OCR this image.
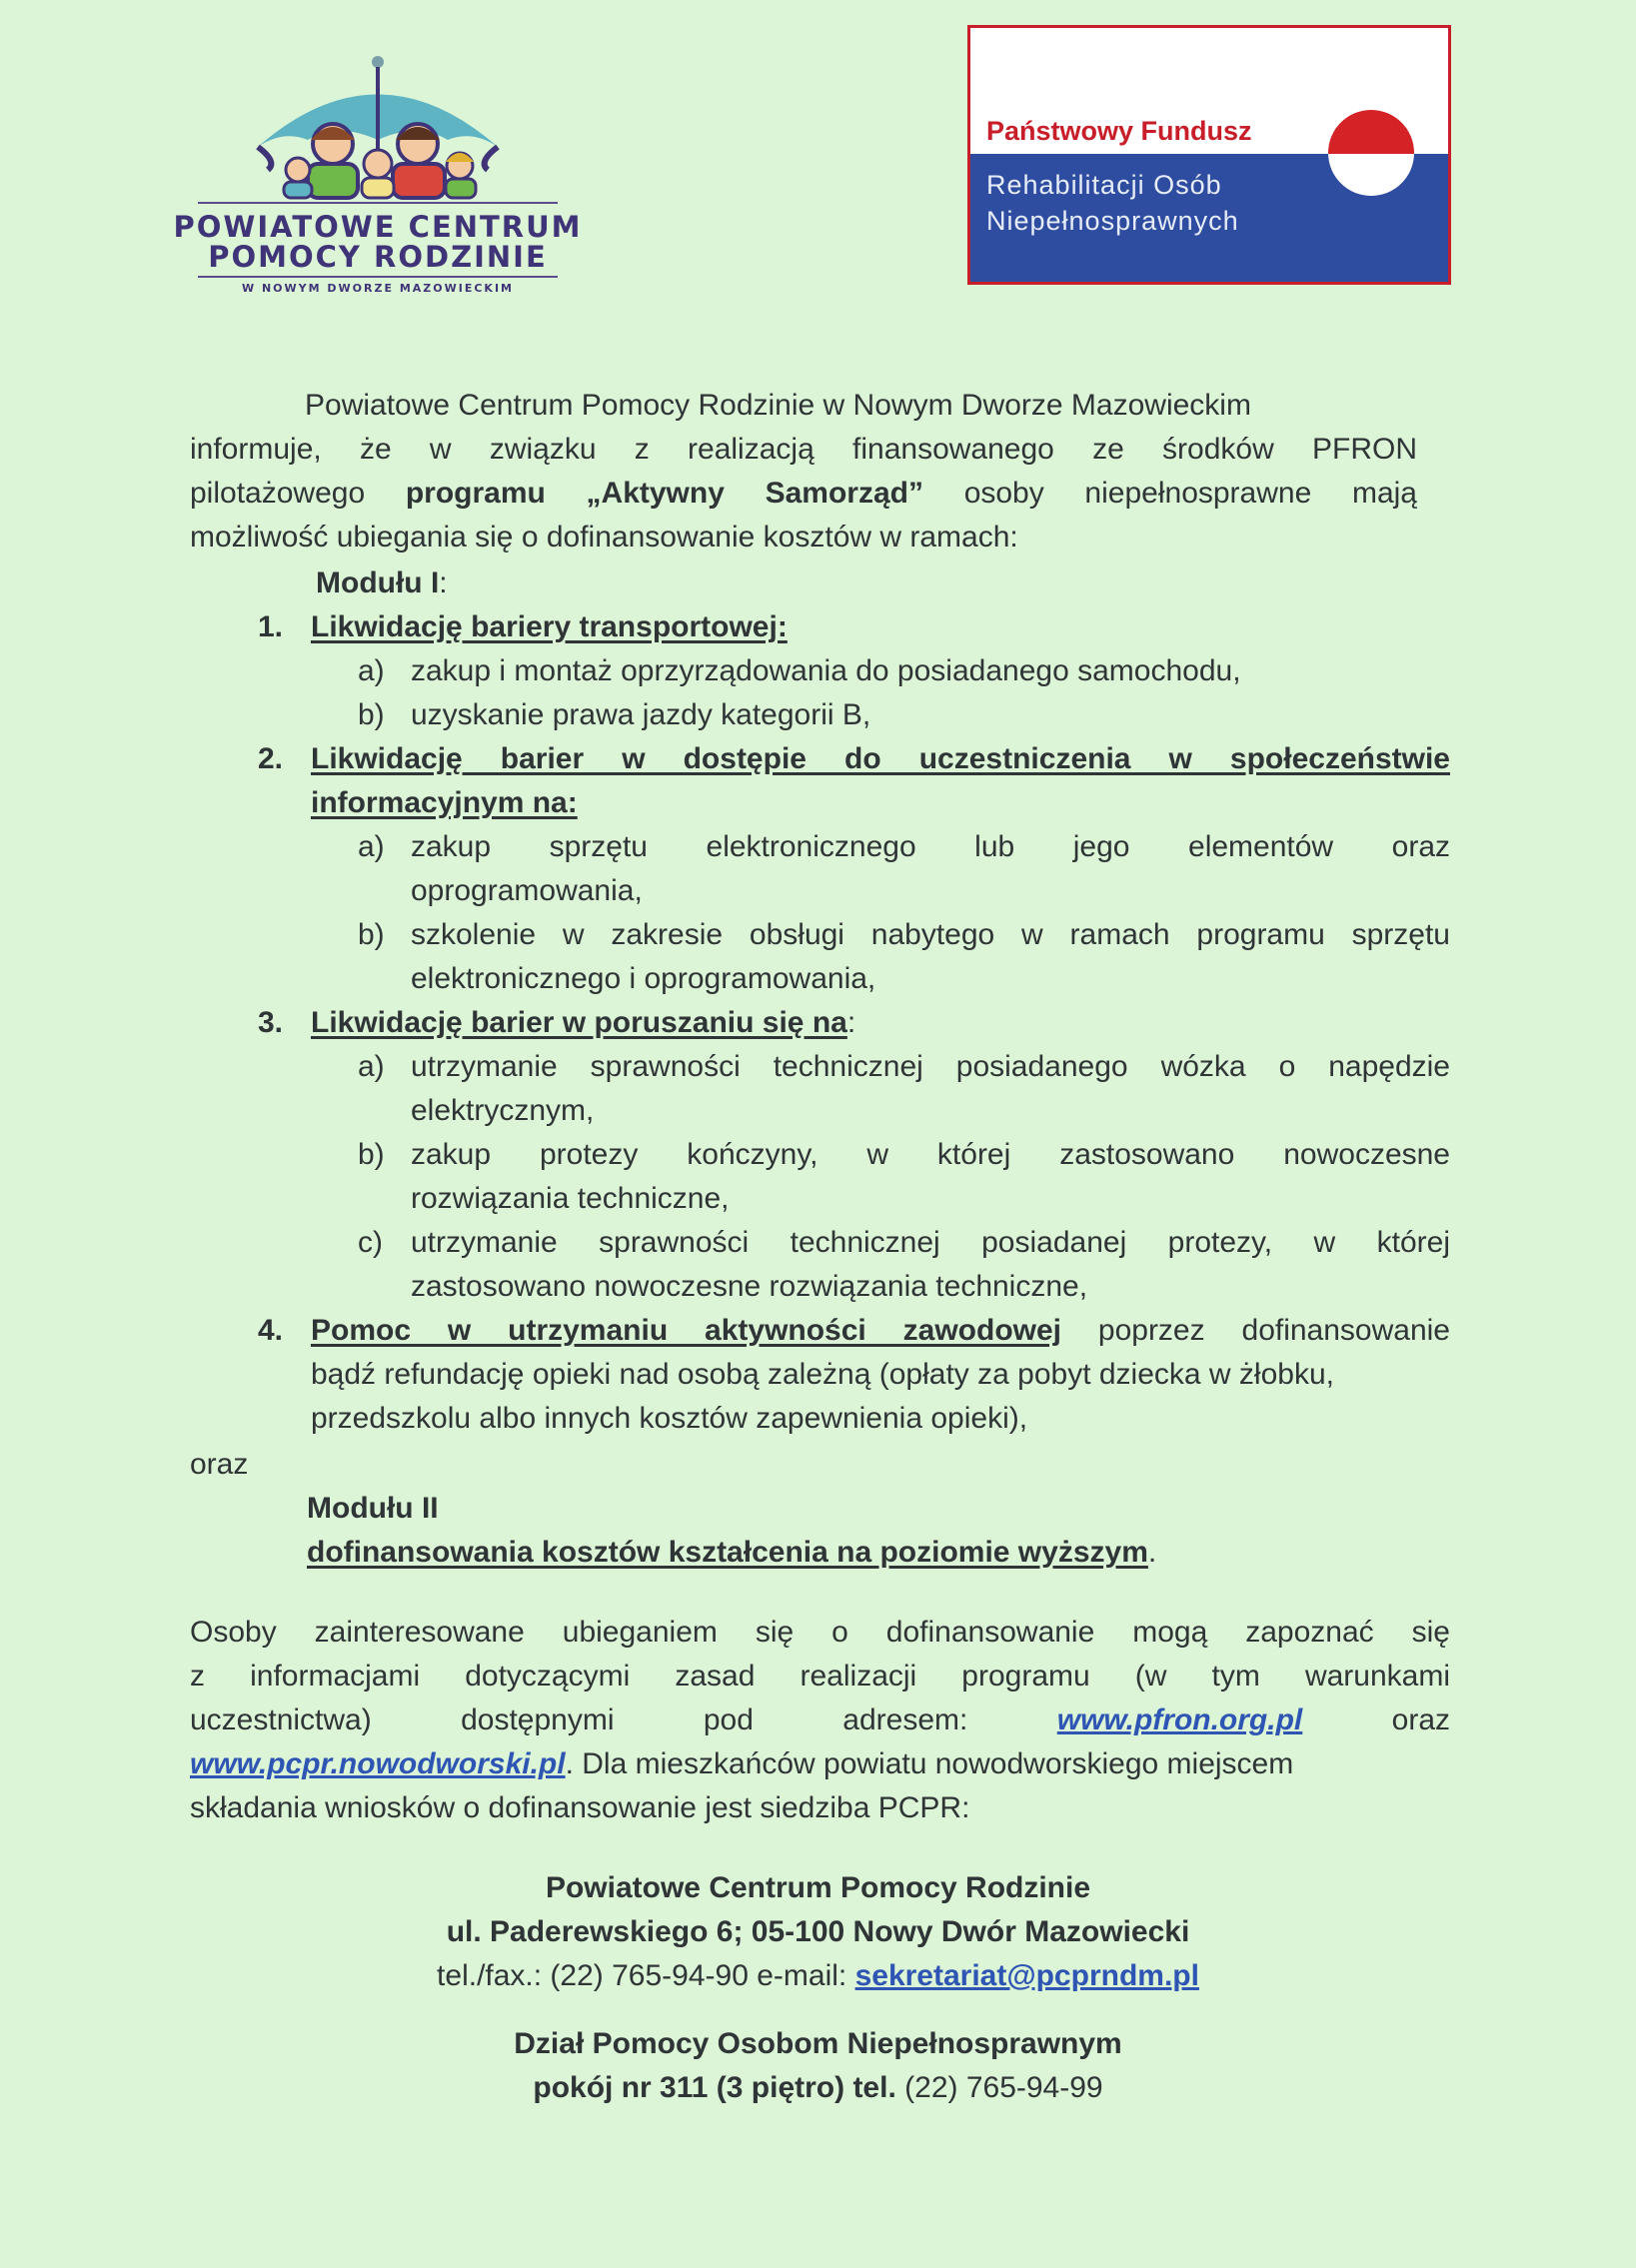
POWIATOWE CENTRUM
POMOCY RODZINIE
W NOWYM DWORZE MAZOWIECKIM
Państwowy Fundusz
Rehabilitacji Osób
Niepełnosprawnych
Powiatowe Centrum Pomocy Rodzinie w Nowym Dworze Mazowieckim
informuje, że w związku z realizacją finansowanego ze środków PFRON
pilotażowego programu „Aktywny Samorząd” osoby niepełnosprawne mają
możliwość ubiegania się o dofinansowanie kosztów w ramach:
Modułu I:
1. Likwidację bariery transportowej:
a) zakup i montaż oprzyrządowania do posiadanego samochodu,
b) uzyskanie prawa jazdy kategorii B,
2. Likwidację barier w dostępie do uczestniczenia w społeczeństwie
informacyjnym na:
a) zakup sprzętu elektronicznego lub jego elementów oraz
oprogramowania,
b) szkolenie w zakresie obsługi nabytego w ramach programu sprzętu
elektronicznego i oprogramowania,
3. Likwidację barier w poruszaniu się na:
a) utrzymanie sprawności technicznej posiadanego wózka o napędzie
elektrycznym,
b) zakup protezy kończyny, w której zastosowano nowoczesne
rozwiązania techniczne,
c) utrzymanie sprawności technicznej posiadanej protezy, w której
zastosowano nowoczesne rozwiązania techniczne,
4. Pomoc w utrzymaniu aktywności zawodowej poprzez dofinansowanie
bądź refundację opieki nad osobą zależną (opłaty za pobyt dziecka w żłobku,
przedszkolu albo innych kosztów zapewnienia opieki),
oraz
Modułu II
dofinansowania kosztów kształcenia na poziomie wyższym.
Osoby zainteresowane ubieganiem się o dofinansowanie mogą zapoznać się
z informacjami dotyczącymi zasad realizacji programu (w tym warunkami
uczestnictwa) dostępnymi pod adresem:	www.pfron.org.pl	oraz
www.pcpr.nowodworski.pl. Dla mieszkańców powiatu nowodworskiego miejscem
składania wniosków o dofinansowanie jest siedziba PCPR:
Powiatowe Centrum Pomocy Rodzinie
ul. Paderewskiego 6; 05-100 Nowy Dwór Mazowiecki
tel./fax.: (22) 765-94-90 e-mail: sekretariat@pcprndm.pl
Dział Pomocy Osobom Niepełnosprawnym
pokój nr 311 (3 piętro) tel. (22) 765-94-99
